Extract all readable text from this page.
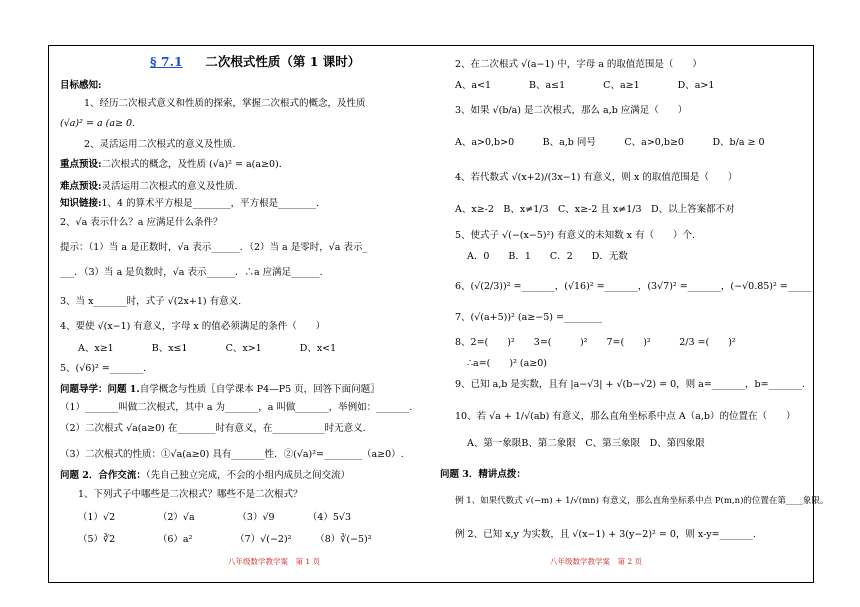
§ 7.1 二次根式性质（第 1 课时）
目标感知:
1、经历二次根式意义和性质的探索，掌握二次根式的概念，及性质
(√a)² = a (a≥ 0.
2、灵活运用二次根式的意义及性质.
重点预设:二次根式的概念，及性质 (√a)² = a(a≥0).
难点预设:灵活运用二次根式的意义及性质.
知识链接:1、4 的算术平方根是________，平方根是________.
2、√a 表示什么？a 应满足什么条件？
提示：（1）当 a 是正数时，√a 表示______．（2）当 a 是零时，√a 表示_
___．（3）当 a 是负数时，√a 表示______．∴a 应满足______.
3、当 x_______时，式子 √(2x+1) 有意义.
4、要使 √(x−1) 有意义，字母 x 的值必须满足的条件（　　）
A、x≥1　　　　B、x≤1　　　　C、x>1　　　　D、x<1
5、(√6)² =_______.
问题导学：问题 1.自学概念与性质〖自学课本 P4—P5 页，回答下面问题〗
（1）_______叫做二次根式，其中 a 为_______，a 叫做_______，举例如：_______.
（2）二次根式 √a(a≥0) 在________时有意义，在___________时无意义.
（3）二次根式的性质：①√a(a≥0) 具有_______性．②(√a)²=________（a≥0）.
问题 2．合作交流：（先自己独立完成，不会的小组内成员之间交流）
1、下列式子中哪些是二次根式？哪些不是二次根式？
（1）√2　　　　　（2）√a　　　　　（3）√9　　　　（4）5√3
（5）∛2　　　　　（6）a²　　　　　（7）√(−2)²　　　（8）∛(−5)²
八年级数学教学案　第 1 页
2、在二次根式 √(a−1) 中，字母 a 的取值范围是（　　）
A、a<1　　　　B、a≤1　　　　C、a≥1　　　　D、a>1
3、如果 √(b/a) 是二次根式，那么 a,b 应满足（　　）
A、a>0,b>0　　　B、a,b 同号　　　C、a>0,b≥0　　　D、b/a ≥ 0
4、若代数式 √(x+2)/(3x−1) 有意义，则 x 的取值范围是（　　）
A、x≥-2　B、x≠1/3　C、x≥-2 且 x≠1/3　D、以上答案都不对
5、使式子 √(−(x−5)²) 有意义的未知数 x 有（　　）个.
A．0　　B．1　　C．2　　D．无数
6、(√(2/3))² =_______，(√16)² =_______，(3√7)² =_______，(−√0.85)² =_____
7、(√(a+5))² (a≥−5) =________
8、2=(　　)²　　3=(　　　)²　　7=(　　)²　　　2/3 =(　　)²
∴a=(　　)² (a≥0)
9、已知 a,b 是实数，且有 |a−√3| + √(b−√2) = 0，则 a=_______，b=_______.
10、若 √a + 1/√(ab) 有意义，那么直角坐标系中点 A（a,b）的位置在（　　）
A、第一象限B、第二象限　C、第三象限　D、第四象限
问题 3．精讲点拨：
例 1、如果代数式 √(−m) + 1/√(mn) 有意义，那么直角坐标系中点 P(m,n)的位置在第____象限。
例 2、已知 x,y 为实数，且 √(x−1) + 3(y−2)² = 0，则 x-y=_______.
八年级数学教学案　第 2 页
